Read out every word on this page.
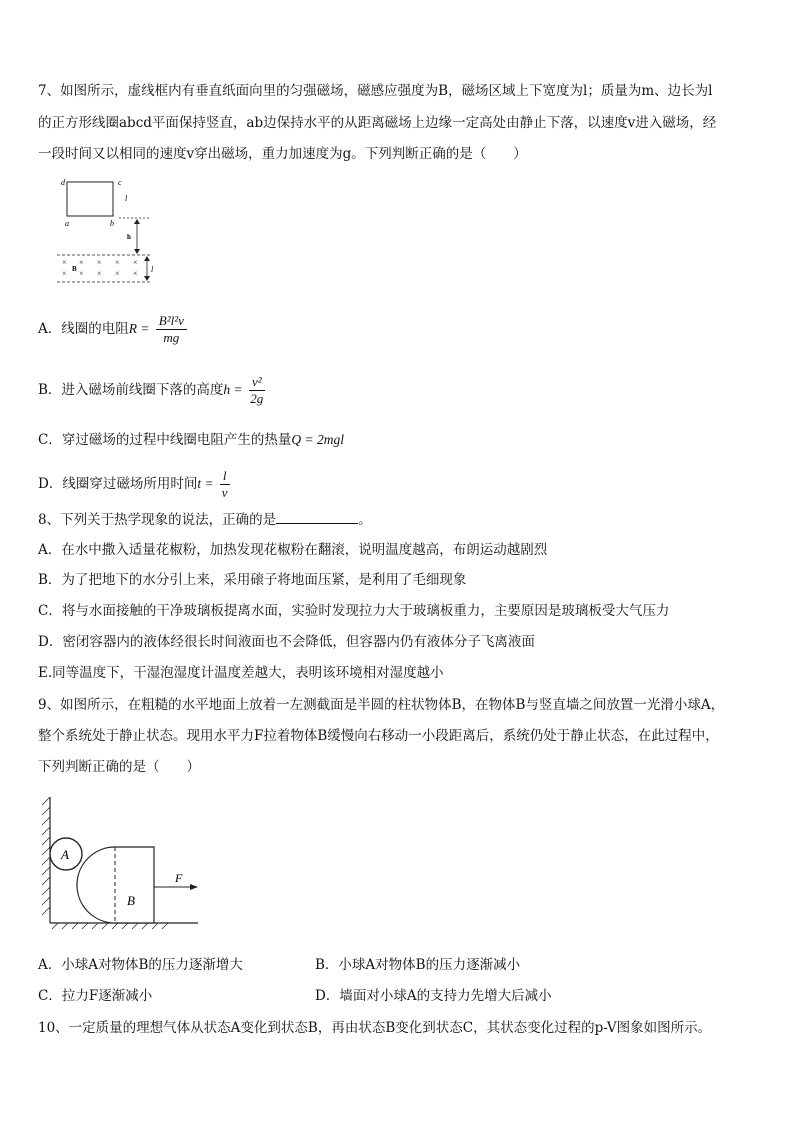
7、如图所示，虚线框内有垂直纸面向里的匀强磁场，磁感应强度为B，磁场区域上下宽度为l；质量为m、边长为l
的正方形线圈abcd平面保持竖直，ab边保持水平的从距离磁场上边缘一定高处由静止下落，以速度v进入磁场，经
一段时间又以相同的速度v穿出磁场，重力加速度为g。下列判断正确的是（　　）
d	c
l
a	b
h
× × × × ×
× × × × ×
B	l
A．线圈的电阻$R = \frac{\text{B²l²v}}{mg}$
B．进入磁场前线圈下落的高度$h = \frac{\text{v²}}{2g}$
C．穿过磁场的过程中线圈电阻产生的热量Q = 2mgl
D．线圈穿过磁场所用时间$t = \frac{l}{v}$
8、下列关于热学现象的说法，正确的是	。
A．在水中撒入适量花椒粉，加热发现花椒粉在翻滚，说明温度越高，布朗运动越剧烈
B．为了把地下的水分引上来，采用磙子将地面压紧，是利用了毛细现象
C．将与水面接触的干净玻璃板提离水面，实验时发现拉力大于玻璃板重力，主要原因是玻璃板受大气压力
D．密闭容器内的液体经很长时间液面也不会降低，但容器内仍有液体分子飞离液面
E.同等温度下，干湿泡湿度计温度差越大，表明该环境相对湿度越小
9、如图所示，在粗糙的水平地面上放着一左测截面是半圆的柱状物体B，在物体B与竖直墙之间放置一光滑小球A，
整个系统处于静止状态。现用水平力F拉着物体B缓慢向右移动一小段距离后，系统仍处于静止状态，在此过程中，
下列判断正确的是（　　）
A
B
F
A．小球A对物体B的压力逐渐增大	B．小球A对物体B的压力逐渐减小
C．拉力F逐渐减小	D．墙面对小球A的支持力先增大后减小
10、一定质量的理想气体从状态A变化到状态B，再由状态B变化到状态C，其状态变化过程的p-V图象如图所示。
